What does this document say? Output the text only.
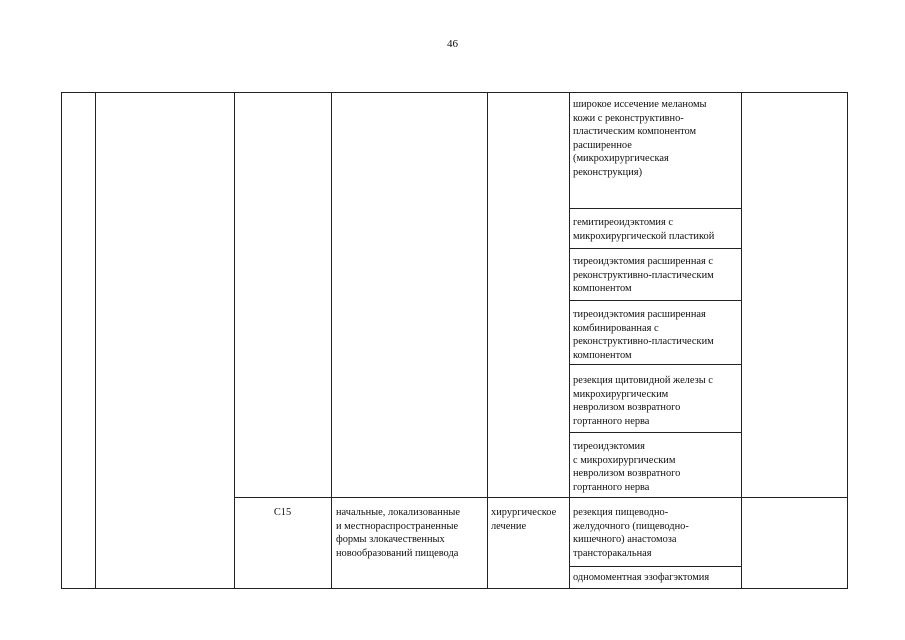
46
широкое иссечение меланомы
кожи с реконструктивно-
пластическим компонентом
расширенное
(микрохирургическая
реконструкция)
гемитиреоидэктомия с
микрохирургической пластикой
тиреоидэктомия расширенная с
реконструктивно-пластическим
компонентом
тиреоидэктомия расширенная
комбинированная с
реконструктивно-пластическим
компонентом
резекция щитовидной железы с
микрохирургическим
невролизом возвратного
гортанного нерва
тиреоидэктомия
с микрохирургическим
невролизом возвратного
гортанного нерва
C15	начальные, локализованные
и местнораспространенные
формы злокачественных
новообразований пищевода
хирургическое
лечение
резекция пищеводно-
желудочного (пищеводно-
кишечного) анастомоза
трансторакальная
одномоментная эзофагэктомия
